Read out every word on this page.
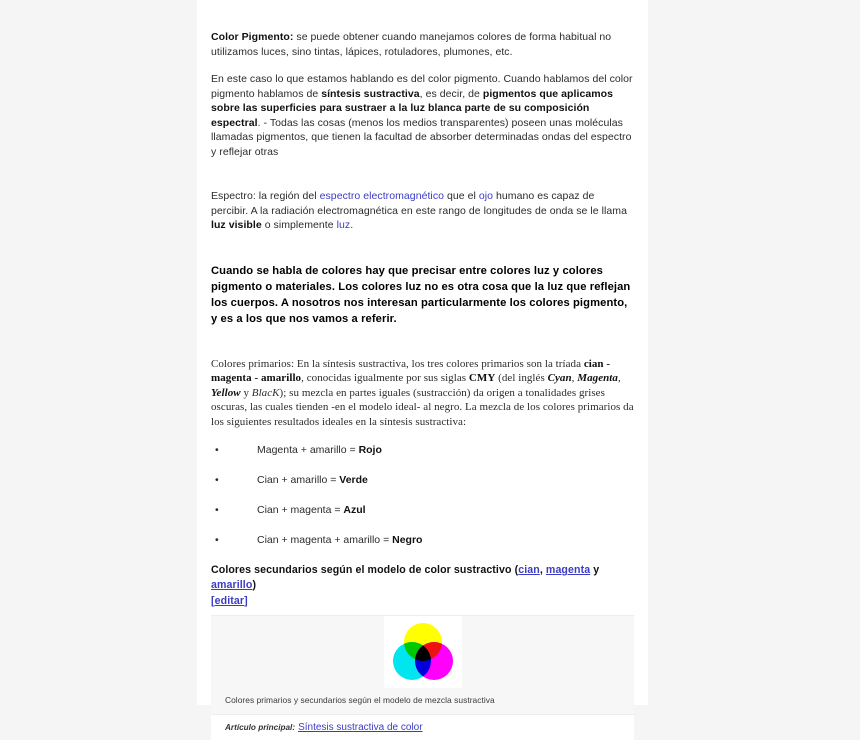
Color Pigmento: se puede obtener cuando manejamos colores de forma habitual no utilizamos luces, sino tintas, lápices, rotuladores, plumones, etc.

En este caso lo que estamos hablando es del color pigmento. Cuando hablamos del color pigmento hablamos de síntesis sustractiva, es decir, de pigmentos que aplicamos sobre las superficies para sustraer a la luz blanca parte de su composición espectral. - Todas las cosas (menos los medios transparentes) poseen unas moléculas llamadas pigmentos, que tienen la facultad de absorber determinadas ondas del espectro y reflejar otras

Espectro: la región del espectro electromagnético que el ojo humano es capaz de percibir. A la radiación electromagnética en este rango de longitudes de onda se le llama luz visible o simplemente luz.

Cuando se habla de colores hay que precisar entre colores luz y colores pigmento o materiales. Los colores luz no es otra cosa que la luz que reflejan los cuerpos. A nosotros nos interesan particularmente los colores pigmento, y es a los que nos vamos a referir.

Colores primarios: En la síntesis sustractiva, los tres colores primarios son la tríada cian - magenta - amarillo, conocidas igualmente por sus siglas CMY (del inglés Cyan, Magenta, Yellow y BlacK); su mezcla en partes iguales (sustracción) da origen a tonalidades grises oscuras, las cuales tienden -en el modelo ideal- al negro. La mezcla de los colores primarios da los siguientes resultados ideales en la síntesis sustractiva:

•	Magenta + amarillo = Rojo
•	Cian + amarillo = Verde
•	Cian + magenta = Azul
•	Cian + magenta + amarillo = Negro
Colores secundarios según el modelo de color sustractivo (cian, magenta y amarillo)
[editar]
Colores primarios y secundarios según el modelo de mezcla sustractiva
Artículo principal: Síntesis sustractiva de color
